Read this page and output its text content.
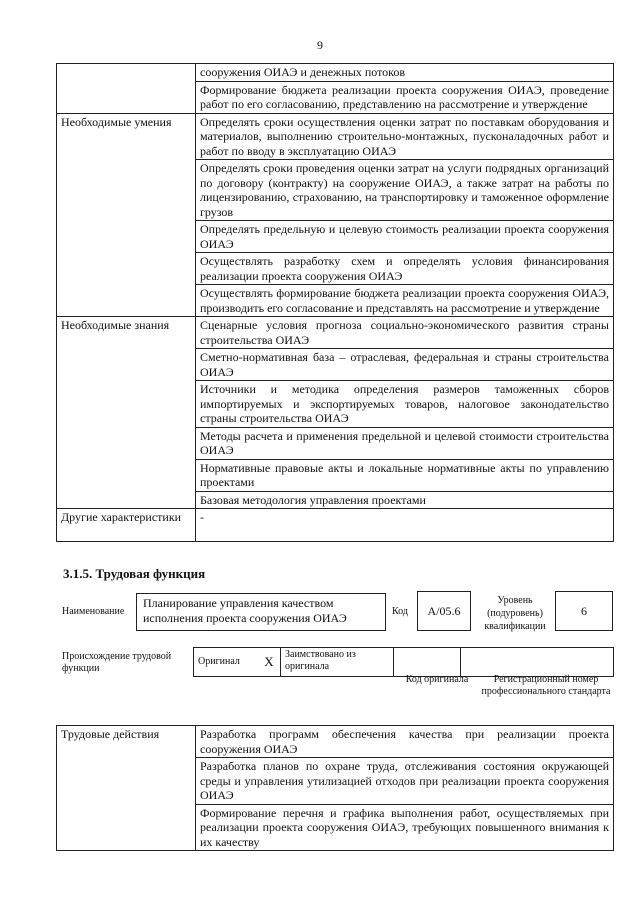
9
	сооружения ОИАЭ и денежных потоков
	Формирование бюджета реализации проекта сооружения ОИАЭ, проведение работ по его согласованию, представлению на рассмотрение и утверждение
Необходимые умения	Определять сроки осуществления оценки затрат по поставкам оборудования и материалов, выполнению строительно-монтажных, пусконаладочных работ и работ по вводу в эксплуатацию ОИАЭ
	Определять сроки проведения оценки затрат на услуги подрядных организаций по договору (контракту) на сооружение ОИАЭ, а также затрат на работы по лицензированию, страхованию, на транспортировку и таможенное оформление грузов
	Определять предельную и целевую стоимость реализации проекта сооружения ОИАЭ
	Осуществлять разработку схем и определять условия финансирования реализации проекта сооружения ОИАЭ
	Осуществлять формирование бюджета реализации проекта сооружения ОИАЭ, производить его согласование и представлять на рассмотрение и утверждение
Необходимые знания	Сценарные условия прогноза социально-экономического развития страны строительства ОИАЭ
	Сметно-нормативная база – отраслевая, федеральная и страны строительства ОИАЭ
	Источники и методика определения размеров таможенных сборов импортируемых и экспортируемых товаров, налоговое законодательство страны строительства ОИАЭ
	Методы расчета и применения предельной и целевой стоимости строительства ОИАЭ
	Нормативные правовые акты и локальные нормативные акты по управлению проектами
	Базовая методология управления проектами
Другие характеристики	-
3.1.5. Трудовая функция
Наименование
Планирование управления качеством исполнения проекта сооружения ОИАЭ	Код	A/05.6
Уровень (подуровень) квалификации
6
Происхождение трудовой функции
Оригинал	X	Заимствовано из оригинала		
Код оригинала	Регистрационный номер профессионального стандарта
Трудовые действия	Разработка программ обеспечения качества при реализации проекта сооружения ОИАЭ
Разработка планов по охране труда, отслеживания состояния окружающей среды и управления утилизацией отходов при реализации проекта сооружения ОИАЭ
Формирование перечня и графика выполнения работ, осуществляемых при реализации проекта сооружения ОИАЭ, требующих повышенного внимания к их качеству
